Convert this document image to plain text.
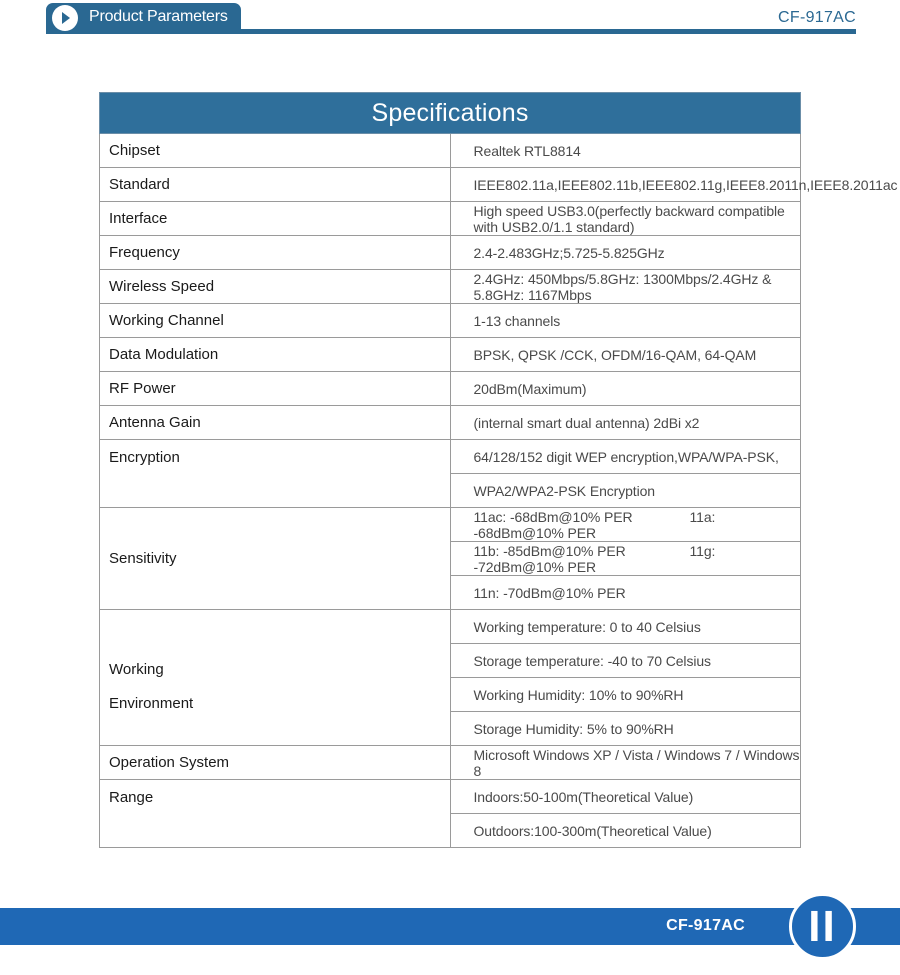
Product Parameters	CF-917AC
Specifications	
Chipset	Realtek RTL8814
Standard	IEEE802.11a,IEEE802.11b,IEEE802.11g,IEEE8.2011n,IEEE8.2011ac
Interface	High speed USB3.0(perfectly backward compatible with USB2.0/1.1 standard)
Frequency	2.4-2.483GHz;5.725-5.825GHz
Wireless Speed	2.4GHz: 450Mbps/5.8GHz: 1300Mbps/2.4GHz & 5.8GHz: 1167Mbps
Working Channel	1-13 channels
Data Modulation	BPSK, QPSK /CCK, OFDM/16-QAM, 64-QAM
RF Power	20dBm(Maximum)
Antenna Gain	(internal smart dual antenna) 2dBi x2
Encryption	64/128/152 digit WEP encryption,WPA/WPA-PSK,
	WPA2/WPA2-PSK Encryption
Sensitivity	11ac: -68dBm@10% PER 11a: -68dBm@10% PER
	11b: -85dBm@10% PER 11g: -72dBm@10% PER
	11n: -70dBm@10% PER
Working
Environment	Working temperature: 0 to 40 Celsius
	Storage temperature: -40 to 70 Celsius
	Working Humidity: 10% to 90%RH
	Storage Humidity: 5% to 90%RH
Operation System	Microsoft Windows XP / Vista / Windows 7 / Windows 8
Range	Indoors:50-100m(Theoretical Value)
	Outdoors:100-300m(Theoretical Value)
CF-917AC	II
